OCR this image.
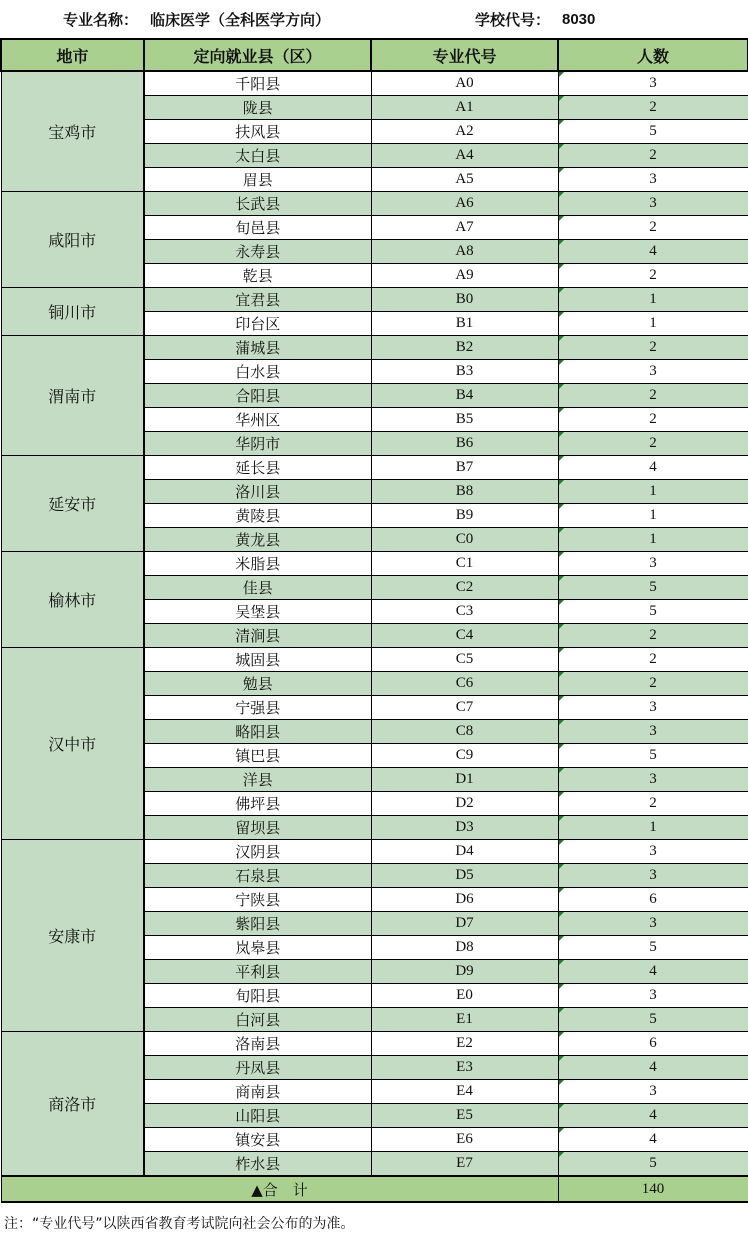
专业名称：	临床医学（全科医学方向）	学校代号：	8030
地市	定向就业县（区）	专业代号	人数
宝鸡市	千阳县	A0	3
	陇县	A1	2
	扶风县	A2	5
	太白县	A4	2
	眉县	A5	3
咸阳市	长武县	A6	3
	旬邑县	A7	2
	永寿县	A8	4
	乾县	A9	2
铜川市	宜君县	B0	1
	印台区	B1	1
渭南市	蒲城县	B2	2
	白水县	B3	3
	合阳县	B4	2
	华州区	B5	2
	华阴市	B6	2
延安市	延长县	B7	4
	洛川县	B8	1
	黄陵县	B9	1
	黄龙县	C0	1
榆林市	米脂县	C1	3
	佳县	C2	5
	吴堡县	C3	5
	清涧县	C4	2
汉中市	城固县	C5	2
	勉县	C6	2
	宁强县	C7	3
	略阳县	C8	3
	镇巴县	C9	5
	洋县	D1	3
	佛坪县	D2	2
	留坝县	D3	1
安康市	汉阴县	D4	3
	石泉县	D5	3
	宁陕县	D6	6
	紫阳县	D7	3
	岚皋县	D8	5
	平利县	D9	4
	旬阳县	E0	3
	白河县	E1	5
商洛市	洛南县	E2	6
	丹凤县	E3	4
	商南县	E4	3
	山阳县	E5	4
	镇安县	E6	4
	柞水县	E7	5
▲合　计			140
注：“专业代号”以陕西省教育考试院向社会公布的为准。
